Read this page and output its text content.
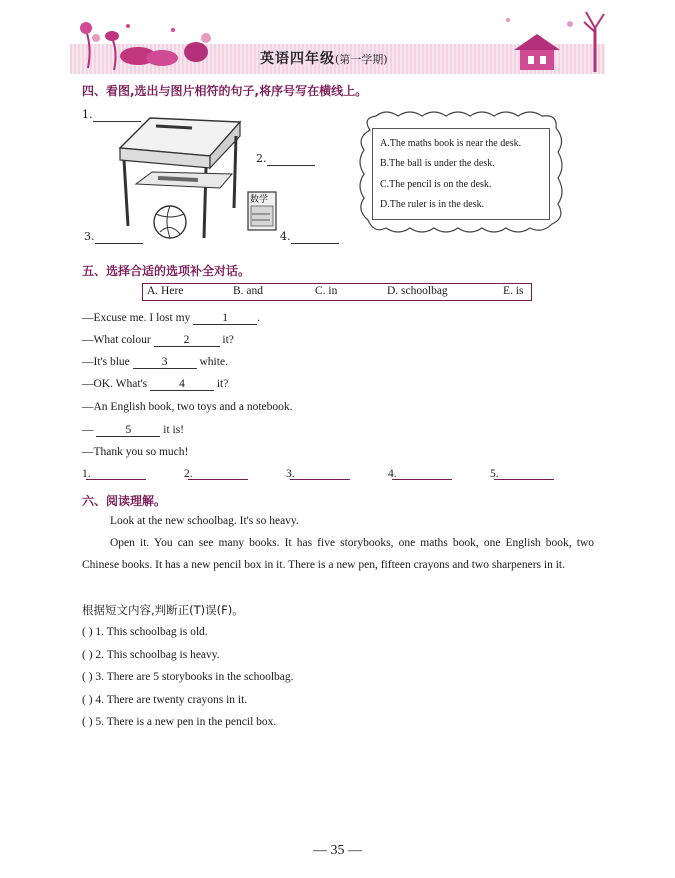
英语四年级(第一学期)
四、看图,选出与图片相符的句子,将序号写在横线上。
数学
1.
2.
3.	4.
A.The maths book is near the desk.
B.The ball is under the desk.
C.The pencil is on the desk.
D.The ruler is in the desk.
五、选择合适的选项补全对话。
A. Here	B. and	C. in	D. schoolbag	E. is
—Excuse me. I lost my	1	.
—What colour	2	it?
—It's blue	3	white.
—OK. What's	4	it?
—An English book, two toys and a notebook.
—	5	it is!
—Thank you so much!
1.	2.	3.	4.	5.
六、阅读理解。
Look at the new schoolbag. It's so heavy.
Open it. You can see many books. It has five storybooks, one maths book, one English book, two Chinese books. It has a new pencil box in it. There is a new pen, fifteen crayons and two sharpeners in it.
根据短文内容,判断正(T)误(F)。
( ) 1. This schoolbag is old.
( ) 2. This schoolbag is heavy.
( ) 3. There are 5 storybooks in the schoolbag.
( ) 4. There are twenty crayons in it.
( ) 5. There is a new pen in the pencil box.
— 35 —
